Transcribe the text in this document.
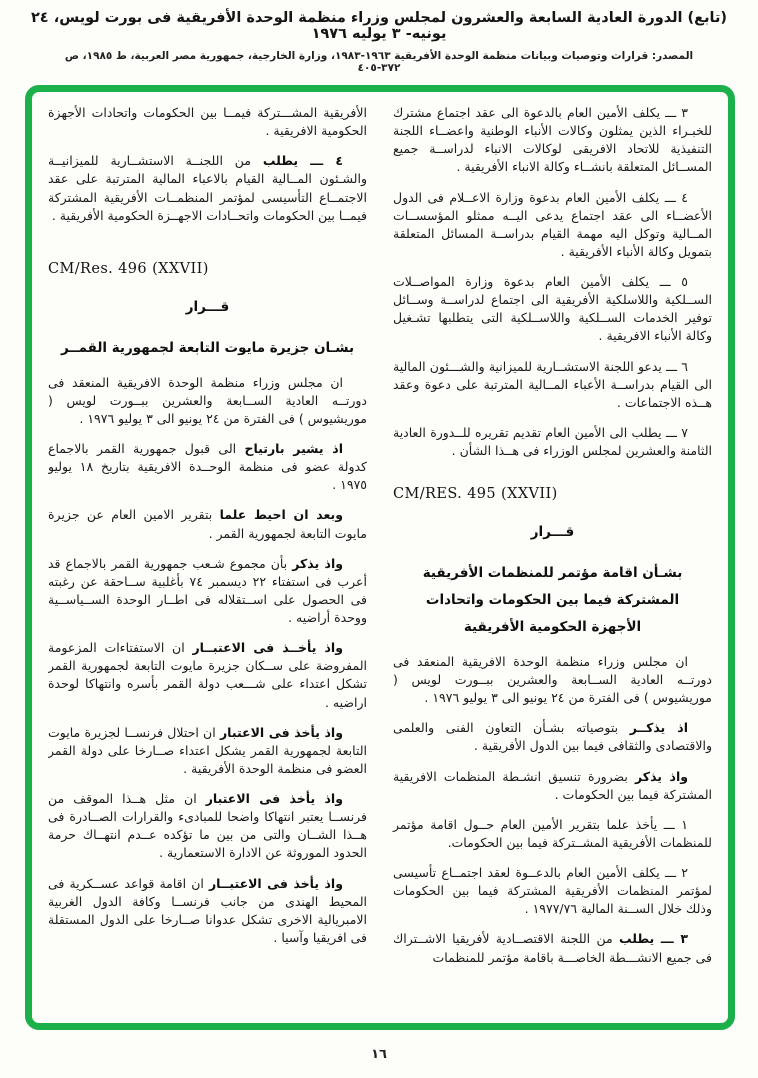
(تابع) الدورة العادية السابعة والعشرون لمجلس وزراء منظمة الوحدة الأفريقية فى بورت لويس، ٢٤ يونيه- ٣ يوليه ١٩٧٦
المصدر: قرارات وتوصيات وبيانات منظمة الوحدة الأفريقية ١٩٦٣-١٩٨٣، وزارة الخارجية، جمهورية مصر العربية، ط ١٩٨٥، ص ٣٧٢-٤٠٥

٣ ـــ يكلف الأمين العام بالدعوة الى عقد اجتماع مشترك للخبـراء الذين يمثلون وكالات الأنباء الوطنية واعضــاء اللجنة التنفيذية للاتحاد الافريقى لوكالات الانباء لدراســة جميع المســائل المتعلقة بانشــاء وكالة الانباء الأفريقية .

٤ ـــ يكلف الأمين العام بدعوة وزارة الاعــلام فى الدول الأعضــاء الى عقد اجتماع يدعى اليــه ممثلو المؤسســات المــالية وتوكل اليه مهمة القيام بدراســة المسائل المتعلقة بتمويل وكالة الأنباء الأفريقية .

٥ ـــ يكلف الأمين العام بدعوة وزارة المواصــلات الســلكية واللاسلكية الأفريقية الى اجتماع لدراســة وســائل توفير الخدمات الســلكية واللاســلكية التى يتطلبها تشـغيل وكالة الأنباء الافريقية .

٦ ـــ يدعو اللجنة الاستشــارية للميزانية والشـــئون المالية الى القيام بدراســة الأعباء المــالية المترتبة على دعوة وعقد هــذه الاجتماعات .

٧ ـــ يطلب الى الأمين العام تقديم تقريره للــدورة العادية الثامنة والعشرين لمجلس الوزراء فى هــذا الشأن .

CM/RES. 495 (XXVII)

قـــرار

بشـأن اقامة مؤتمر للمنظمات الأفريقية

المشتركة فيما بين الحكومات واتحادات

الأجهزة الحكومية الأفريقية

ان مجلس وزراء منظمة الوحدة الافريقية المنعقد فى دورتــه العادية الســابعة والعشرين ببــورت لويس ( موريشيوس ) فى الفترة من ٢٤ يونيو الى ٣ يوليو ١٩٧٦ .

اذ يذكــر بتوصياته بشـأن التعاون الفنى والعلمى والاقتصادى والثقافى فيما بين الدول الأفريقية .

واذ يذكر بضرورة تنسيق انشـطة المنظمات الافريقية المشتركة فيما بين الحكومات .

١ ـــ يأخذ علما بتقرير الأمين العام حــول اقامة مؤتمر للمنظمات الأفريقية المشــتركة فيما بين الحكومات.

٢ ـــ يكلف الأمين العام بالدعــوة لعقد اجتمــاع تأسيسى لمؤتمر المنظمات الأفريقية المشتركة فيما بين الحكومات وذلك خلال الســنة المالية ١٩٧٧/٧٦ .

٣ ـــ يطلب من اللجنة الاقتصــادية لأفريقيا الاشــتراك فى جميع الانشـــطة الخاصـــة باقامة مؤتمر للمنظمات

الأفريقية المشـــتركة فيمــا بين الحكومات واتحادات الأجهزة الحكومية الافريقية .

٤ ـــ يطلب من اللجنــة الاستشــارية للميزانيــة والشـئون المــالية القيام بالاعباء المالية المترتبة على عقد الاجتمــاع التأسيسى لمؤتمر المنظمــات الأفريقية المشتركة فيمــا بين الحكومات واتحــادات الاجهــزة الحكومية الأفريقية .

CM/Res. 496 (XXVII)

قـــرار

بشـان جزيرة مايوت التابعة لجمهورية القمــر

ان مجلس وزراء منظمة الوحدة الافريقية المنعقد فى دورتــه العادية الســابعة والعشرين ببــورت لويس ( موريشيوس ) فى الفترة من ٢٤ يونيو الى ٣ يوليو ١٩٧٦ .

اذ يشير بارتياح الى قبول جمهورية القمر بالاجماع كدولة عضو فى منظمة الوحــدة الافريقية بتاريخ ١٨ يوليو ١٩٧٥ .

وبعد ان احيط علما بتقرير الامين العام عن جزيرة مايوت التابعة لجمهورية القمر .

واذ يذكر بأن مجموع شـعب جمهورية القمر بالاجماع قد أعرب فى استفتاء ٢٢ ديسمبر ٧٤ بأغلبية ســاحقة عن رغبته فى الحصول على اســتقلاله فى اطــار الوحدة الســياســية ووحدة أراضيه .

واذ يأخــذ فى الاعتبــار ان الاستفتاءات المزعومة المفروضة على ســكان جزيرة مايوت التابعة لجمهورية القمر تشكل اعتداء على شـــعب دولة القمر بأسره وانتهاكا لوحدة اراضيه .

واذ يأخذ فى الاعتبار ان احتلال فرنســا لجزيرة مايوت التابعة لجمهورية القمر يشكل اعتداء صــارخا على دولة القمر العضو فى منظمة الوحدة الأفريقية .

واذ يأخذ فى الاعتبار ان مثل هــذا الموقف من فرنســا يعتبر انتهاكا واضحا للمبادىء والقرارات الصــادرة فى هــذا الشــان والتى من بين ما تؤكده عــدم انتهــاك حرمة الحدود الموروثة عن الادارة الاستعمارية .

واذ يأخذ فى الاعتبــار ان اقامة قواعد عســكرية فى المحيط الهندى من جانب فرنســا وكافة الدول الغربية الامبريالية الاخرى تشكل عدوانا صــارخا على الدول المستقلة فى افريقيا وآسيا .

١٦
